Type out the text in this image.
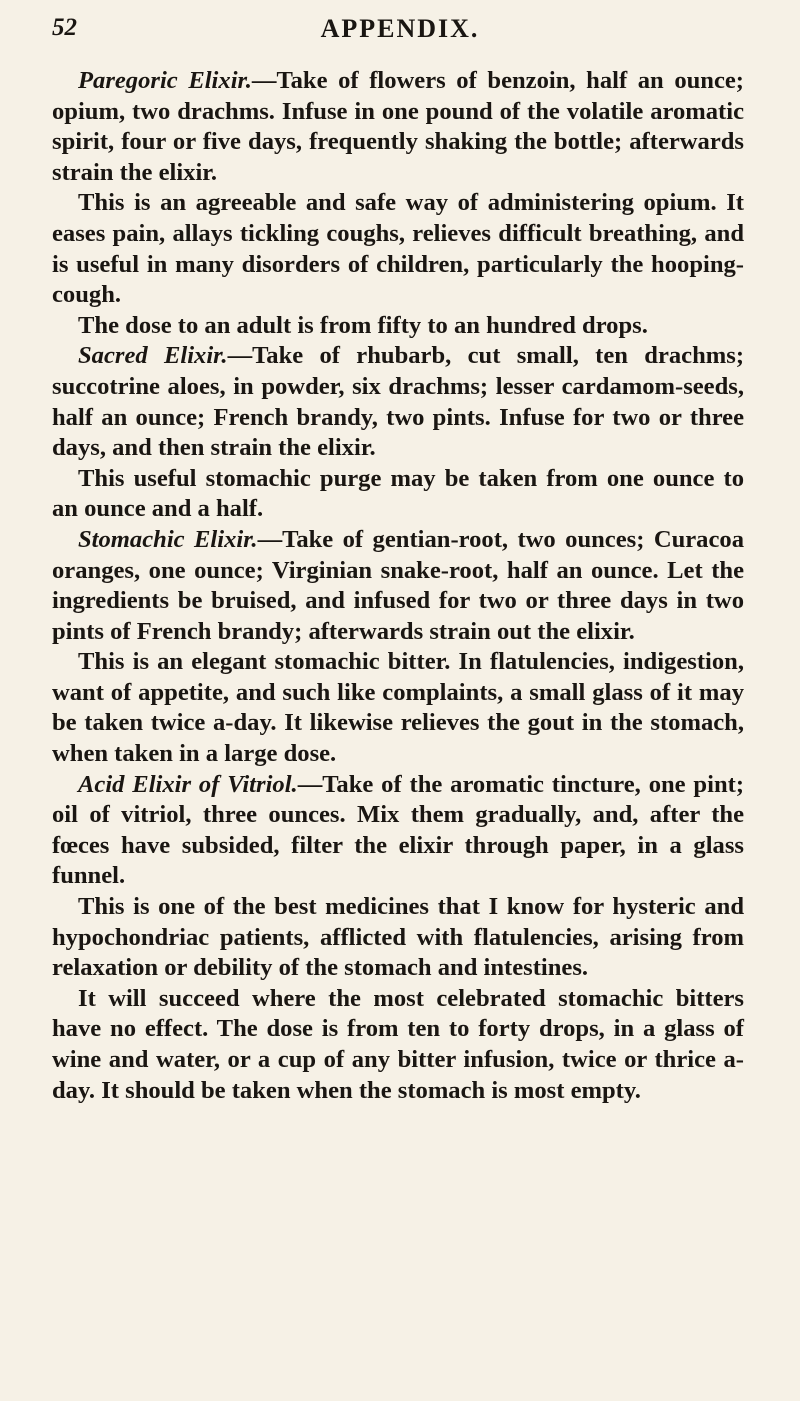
52	APPENDIX.

Paregoric Elixir.—Take of flowers of benzoin, half an ounce; opium, two drachms. Infuse in one pound of the volatile aromatic spirit, four or five days, frequently shaking the bottle; afterwards strain the elixir.

This is an agreeable and safe way of administering opium. It eases pain, allays tickling coughs, relieves difficult breathing, and is useful in many disorders of children, particularly the hooping-cough.

The dose to an adult is from fifty to an hundred drops.

Sacred Elixir.—Take of rhubarb, cut small, ten drachms; succotrine aloes, in powder, six drachms; lesser cardamom-seeds, half an ounce; French brandy, two pints. Infuse for two or three days, and then strain the elixir.

This useful stomachic purge may be taken from one ounce to an ounce and a half.

Stomachic Elixir.—Take of gentian-root, two ounces; Curacoa oranges, one ounce; Virginian snake-root, half an ounce. Let the ingredients be bruised, and infused for two or three days in two pints of French brandy; afterwards strain out the elixir.

This is an elegant stomachic bitter. In flatulencies, indigestion, want of appetite, and such like complaints, a small glass of it may be taken twice a-day. It likewise relieves the gout in the stomach, when taken in a large dose.

Acid Elixir of Vitriol.—Take of the aromatic tincture, one pint; oil of vitriol, three ounces. Mix them gradually, and, after the fœces have subsided, filter the elixir through paper, in a glass funnel.

This is one of the best medicines that I know for hysteric and hypochondriac patients, afflicted with flatulencies, arising from relaxation or debility of the stomach and intestines.

It will succeed where the most celebrated stomachic bitters have no effect. The dose is from ten to forty drops, in a glass of wine and water, or a cup of any bitter infusion, twice or thrice a-day. It should be taken when the stomach is most empty.
